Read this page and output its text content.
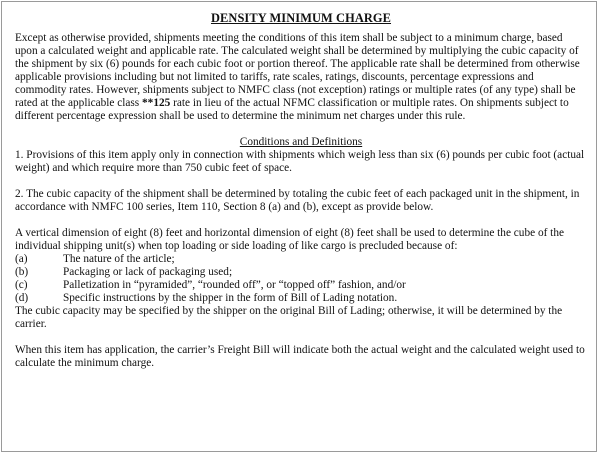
DENSITY MINIMUM CHARGE

Except as otherwise provided, shipments meeting the conditions of this item shall be subject to a minimum charge, based upon a calculated weight and applicable rate. The calculated weight shall be determined by multiplying the cubic capacity of the shipment by six (6) pounds for each cubic foot or portion thereof. The applicable rate shall be determined from otherwise applicable provisions including but not limited to tariffs, rate scales, ratings, discounts, percentage expressions and commodity rates. However, shipments subject to NMFC class (not exception) ratings or multiple rates (of any type) shall be rated at the applicable class **125 rate in lieu of the actual NFMC classification or multiple rates. On shipments subject to different percentage expression shall be used to determine the minimum net charges under this rule.

Conditions and Definitions

1. Provisions of this item apply only in connection with shipments which weigh less than six (6) pounds per cubic foot (actual weight) and which require more than 750 cubic feet of space.

2. The cubic capacity of the shipment shall be determined by totaling the cubic feet of each packaged unit in the shipment, in accordance with NMFC 100 series, Item 110, Section 8 (a) and (b), except as provide below.

A vertical dimension of eight (8) feet and horizontal dimension of eight (8) feet shall be used to determine the cube of the individual shipping unit(s) when top loading or side loading of like cargo is precluded because of:

(a)	The nature of the article;
(b)	Packaging or lack of packaging used;
(c)	Palletization in “pyramided”, “rounded off”, or “topped off” fashion, and/or
(d)	Specific instructions by the shipper in the form of Bill of Lading notation.

The cubic capacity may be specified by the shipper on the original Bill of Lading; otherwise, it will be determined by the carrier.

When this item has application, the carrier’s Freight Bill will indicate both the actual weight and the calculated weight used to calculate the minimum charge.
